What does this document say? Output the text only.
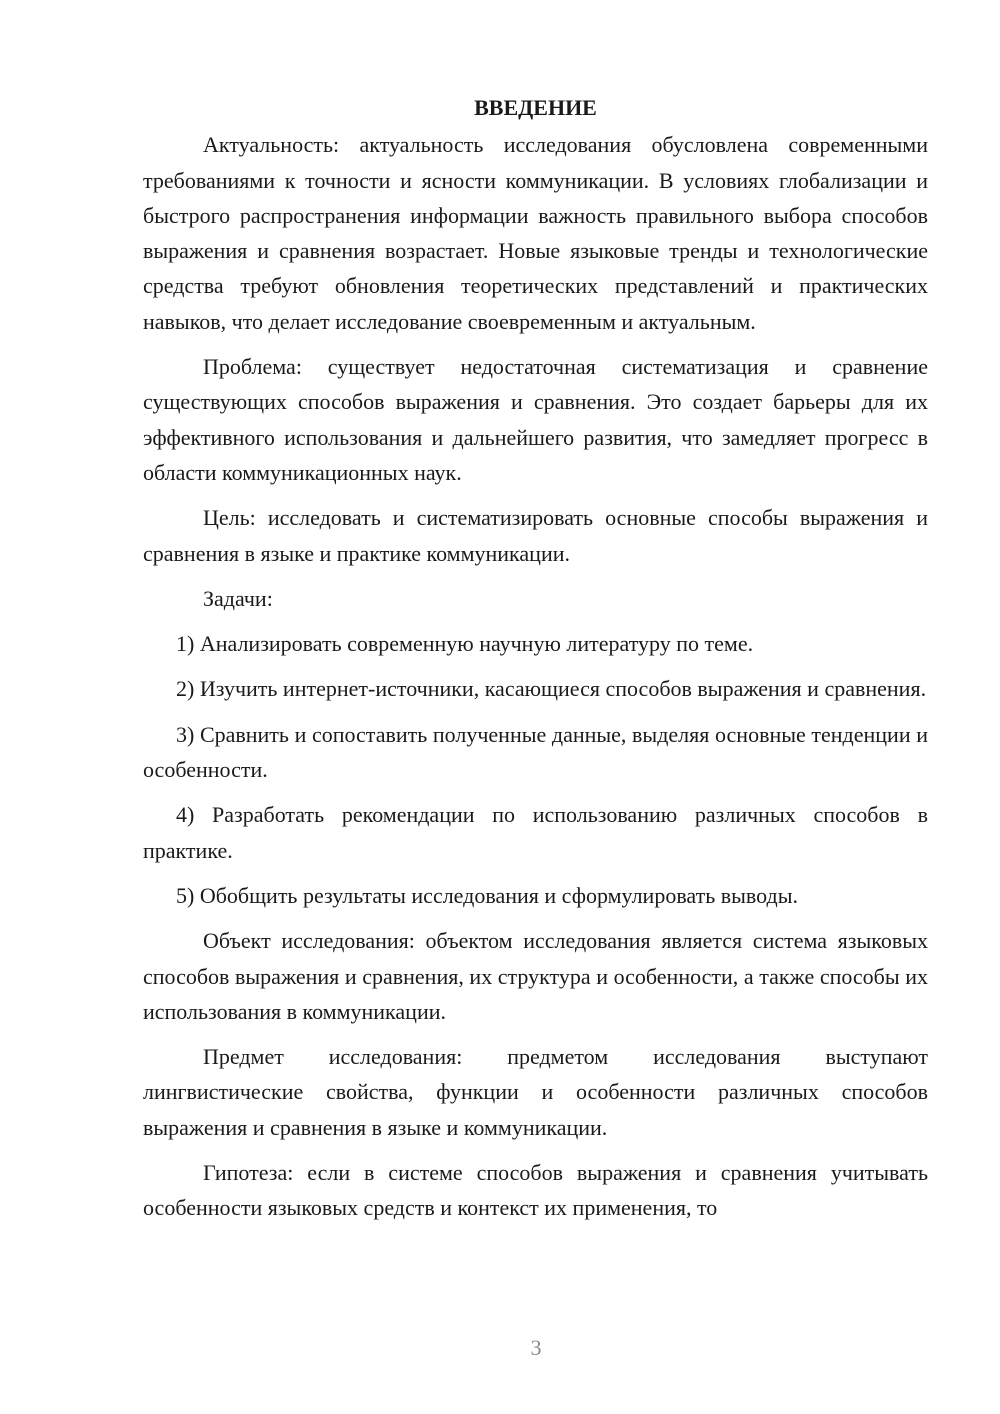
ВВЕДЕНИЕ
Актуальность: актуальность исследования обусловлена современными требованиями к точности и ясности коммуникации. В условиях глобализации и быстрого распространения информации важность правильного выбора способов выражения и сравнения возрастает. Новые языковые тренды и технологические средства требуют обновления теоретических представлений и практических навыков, что делает исследование своевременным и актуальным.
Проблема: существует недостаточная систематизация и сравнение существующих способов выражения и сравнения. Это создает барьеры для их эффективного использования и дальнейшего развития, что замедляет прогресс в области коммуникационных наук.
Цель: исследовать и систематизировать основные способы выражения и сравнения в языке и практике коммуникации.
Задачи:
1) Анализировать современную научную литературу по теме.
2) Изучить интернет-источники, касающиеся способов выражения и сравнения.
3) Сравнить и сопоставить полученные данные, выделяя основные тенденции и особенности.
4) Разработать рекомендации по использованию различных способов в практике.
5) Обобщить результаты исследования и сформулировать выводы.
Объект исследования: объектом исследования является система языковых способов выражения и сравнения, их структура и особенности, а также способы их использования в коммуникации.
Предмет исследования: предметом исследования выступают лингвистические свойства, функции и особенности различных способов выражения и сравнения в языке и коммуникации.
Гипотеза: если в системе способов выражения и сравнения учитывать особенности языковых средств и контекст их применения, то
3
